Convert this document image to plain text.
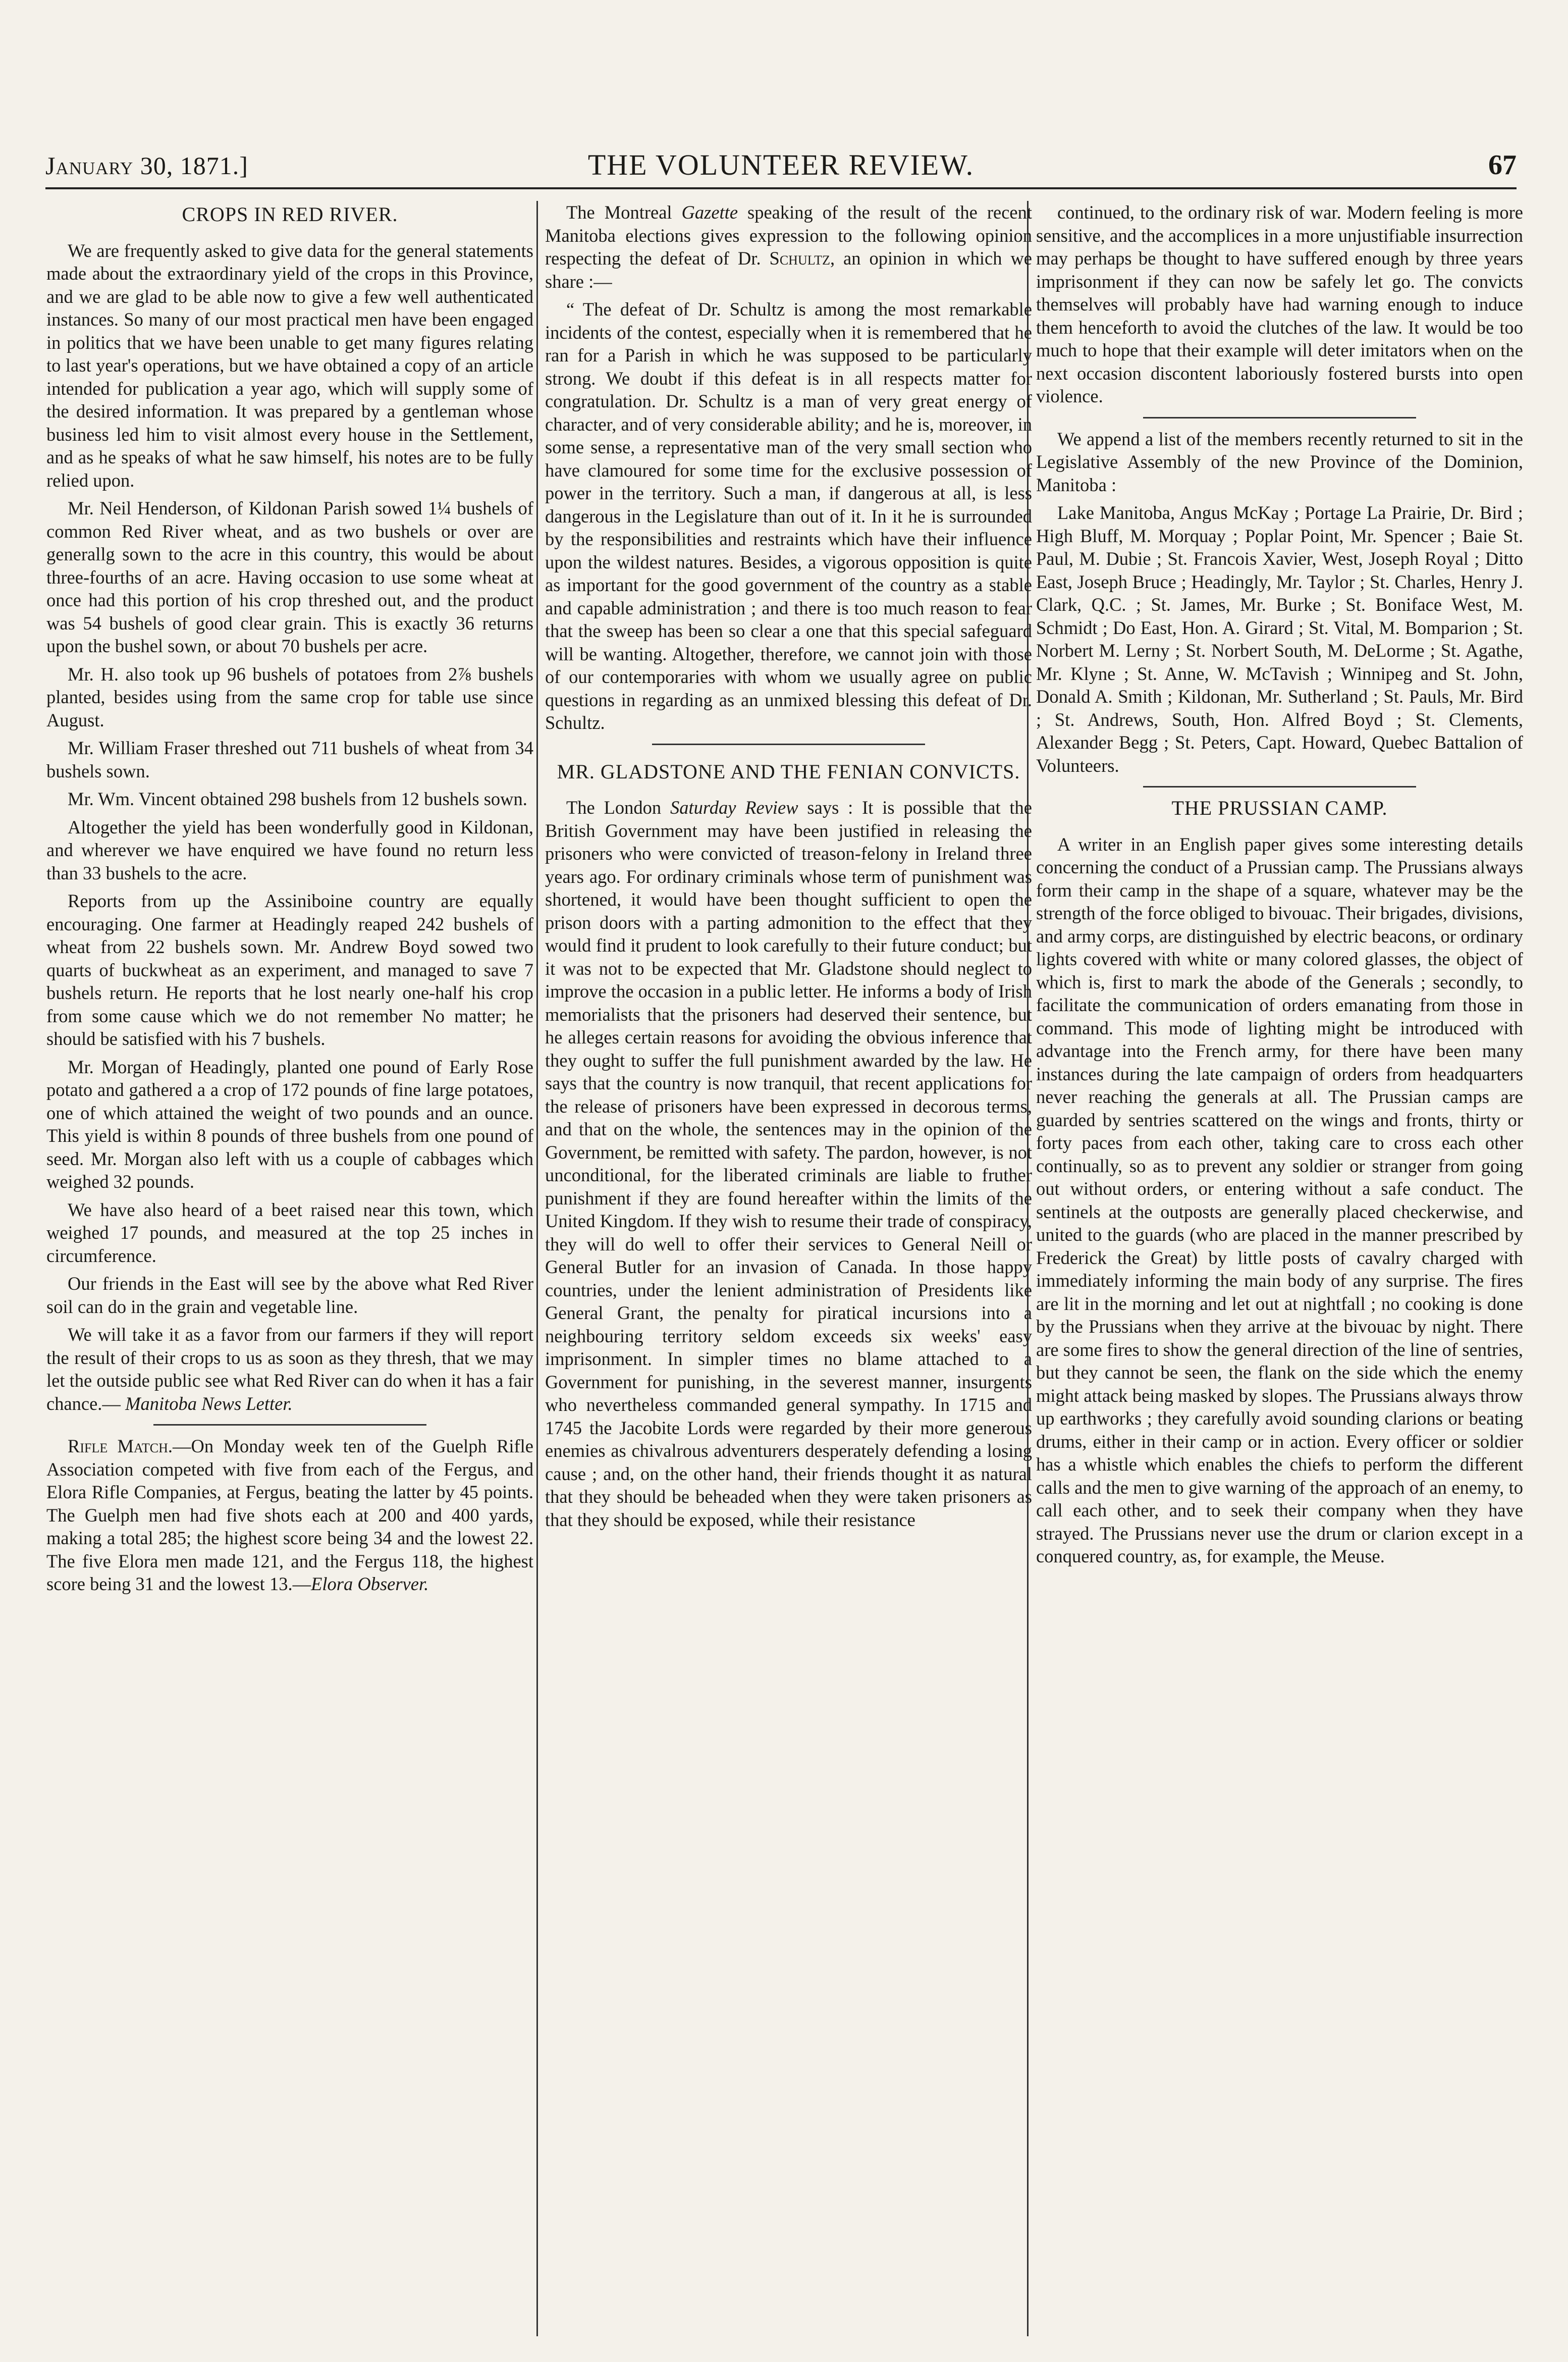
January 30, 1871.]	THE VOLUNTEER REVIEW.	67
CROPS IN RED RIVER.

We are frequently asked to give data for the general statements made about the extraordinary yield of the crops in this Province, and we are glad to be able now to give a few well authenticated instances. So many of our most practical men have been engaged in politics that we have been unable to get many figures relating to last year's operations, but we have obtained a copy of an article intended for publication a year ago, which will supply some of the desired information. It was prepared by a gentleman whose business led him to visit almost every house in the Settlement, and as he speaks of what he saw himself, his notes are to be fully relied upon.

Mr. Neil Henderson, of Kildonan Parish sowed 1¼ bushels of common Red River wheat, and as two bushels or over are generallg sown to the acre in this country, this would be about three-fourths of an acre. Having occasion to use some wheat at once had this portion of his crop threshed out, and the product was 54 bushels of good clear grain. This is exactly 36 returns upon the bushel sown, or about 70 bushels per acre.

Mr. H. also took up 96 bushels of potatoes from 2⅞ bushels planted, besides using from the same crop for table use since August.

Mr. William Fraser threshed out 711 bushels of wheat from 34 bushels sown.

Mr. Wm. Vincent obtained 298 bushels from 12 bushels sown.

Altogether the yield has been wonderfully good in Kildonan, and wherever we have enquired we have found no return less than 33 bushels to the acre.

Reports from up the Assiniboine country are equally encouraging. One farmer at Headingly reaped 242 bushels of wheat from 22 bushels sown. Mr. Andrew Boyd sowed two quarts of buckwheat as an experiment, and managed to save 7 bushels return. He reports that he lost nearly one-half his crop from some cause which we do not remember No matter; he should be satisfied with his 7 bushels.

Mr. Morgan of Headingly, planted one pound of Early Rose potato and gathered a a crop of 172 pounds of fine large potatoes, one of which attained the weight of two pounds and an ounce. This yield is within 8 pounds of three bushels from one pound of seed. Mr. Morgan also left with us a couple of cabbages which weighed 32 pounds.

We have also heard of a beet raised near this town, which weighed 17 pounds, and measured at the top 25 inches in circumference.

Our friends in the East will see by the above what Red River soil can do in the grain and vegetable line.

We will take it as a favor from our farmers if they will report the result of their crops to us as soon as they thresh, that we may let the outside public see what Red River can do when it has a fair chance.— Manitoba News Letter.

Rifle Match.—On Monday week ten of the Guelph Rifle Association competed with five from each of the Fergus, and Elora Rifle Companies, at Fergus, beating the latter by 45 points. The Guelph men had five shots each at 200 and 400 yards, making a total 285; the highest score being 34 and the lowest 22. The five Elora men made 121, and the Fergus 118, the highest score being 31 and the lowest 13.—Elora Observer.

The Montreal Gazette speaking of the result of the recent Manitoba elections gives expression to the following opinion respecting the defeat of Dr. Schultz, an opinion in which we share :—

“ The defeat of Dr. Schultz is among the most remarkable incidents of the contest, especially when it is remembered that he ran for a Parish in which he was supposed to be particularly strong. We doubt if this defeat is in all respects matter for congratulation. Dr. Schultz is a man of very great energy of character, and of very considerable ability; and he is, moreover, in some sense, a representative man of the very small section who have clamoured for some time for the exclusive possession of power in the territory. Such a man, if dangerous at all, is less dangerous in the Legislature than out of it. In it he is surrounded by the responsibilities and restraints which have their influence upon the wildest natures. Besides, a vigorous opposition is quite as important for the good government of the country as a stable and capable administration ; and there is too much reason to fear that the sweep has been so clear a one that this special safeguard will be wanting. Altogether, therefore, we cannot join with those of our contemporaries with whom we usually agree on public questions in regarding as an unmixed blessing this defeat of Dr. Schultz.

MR. GLADSTONE AND THE FENIAN CONVICTS.

The London Saturday Review says : It is possible that the British Government may have been justified in releasing the prisoners who were convicted of treason-felony in Ireland three years ago. For ordinary criminals whose term of punishment was shortened, it would have been thought sufficient to open the prison doors with a parting admonition to the effect that they would find it prudent to look carefully to their future conduct; but it was not to be expected that Mr. Gladstone should neglect to improve the occasion in a public letter. He informs a body of Irish memorialists that the prisoners had deserved their sentence, but he alleges certain reasons for avoiding the obvious inference that they ought to suffer the full punishment awarded by the law. He says that the country is now tranquil, that recent applications for the release of prisoners have been expressed in decorous terms, and that on the whole, the sentences may in the opinion of the Government, be remitted with safety. The pardon, however, is not unconditional, for the liberated criminals are liable to fruther punishment if they are found hereafter within the limits of the United Kingdom. If they wish to resume their trade of conspiracy, they will do well to offer their services to General Neill or General Butler for an invasion of Canada. In those happy countries, under the lenient administration of Presidents like General Grant, the penalty for piratical incursions into a neighbouring territory seldom exceeds six weeks' easy imprisonment. In simpler times no blame attached to a Government for punishing, in the severest manner, insurgents who nevertheless commanded general sympathy. In 1715 and 1745 the Jacobite Lords were regarded by their more generous enemies as chivalrous adventurers desperately defending a losing cause ; and, on the other hand, their friends thought it as natural that they should be beheaded when they were taken prisoners as that they should be exposed, while their resistance

continued, to the ordinary risk of war. Modern feeling is more sensitive, and the accomplices in a more unjustifiable insurrection may perhaps be thought to have suffered enough by three years imprisonment if they can now be safely let go. The convicts themselves will probably have had warning enough to induce them henceforth to avoid the clutches of the law. It would be too much to hope that their example will deter imitators when on the next occasion discontent laboriously fostered bursts into open violence.

We append a list of the members recently returned to sit in the Legislative Assembly of the new Province of the Dominion, Manitoba :

Lake Manitoba, Angus McKay ; Portage La Prairie, Dr. Bird ; High Bluff, M. Morquay ; Poplar Point, Mr. Spencer ; Baie St. Paul, M. Dubie ; St. Francois Xavier, West, Joseph Royal ; Ditto East, Joseph Bruce ; Headingly, Mr. Taylor ; St. Charles, Henry J. Clark, Q.C. ; St. James, Mr. Burke ; St. Boniface West, M. Schmidt ; Do East, Hon. A. Girard ; St. Vital, M. Bomparion ; St. Norbert M. Lerny ; St. Norbert South, M. DeLorme ; St. Agathe, Mr. Klyne ; St. Anne, W. McTavish ; Winnipeg and St. John, Donald A. Smith ; Kildonan, Mr. Sutherland ; St. Pauls, Mr. Bird ; St. Andrews, South, Hon. Alfred Boyd ; St. Clements, Alexander Begg ; St. Peters, Capt. Howard, Quebec Battalion of Volunteers.

THE PRUSSIAN CAMP.

A writer in an English paper gives some interesting details concerning the conduct of a Prussian camp. The Prussians always form their camp in the shape of a square, whatever may be the strength of the force obliged to bivouac. Their brigades, divisions, and army corps, are distinguished by electric beacons, or ordinary lights covered with white or many colored glasses, the object of which is, first to mark the abode of the Generals ; secondly, to facilitate the communication of orders emanating from those in command. This mode of lighting might be introduced with advantage into the French army, for there have been many instances during the late campaign of orders from headquarters never reaching the generals at all. The Prussian camps are guarded by sentries scattered on the wings and fronts, thirty or forty paces from each other, taking care to cross each other continually, so as to prevent any soldier or stranger from going out without orders, or entering without a safe conduct. The sentinels at the outposts are generally placed checkerwise, and united to the guards (who are placed in the manner prescribed by Frederick the Great) by little posts of cavalry charged with immediately informing the main body of any surprise. The fires are lit in the morning and let out at nightfall ; no cooking is done by the Prussians when they arrive at the bivouac by night. There are some fires to show the general direction of the line of sentries, but they cannot be seen, the flank on the side which the enemy might attack being masked by slopes. The Prussians always throw up earthworks ; they carefully avoid sounding clarions or beating drums, either in their camp or in action. Every officer or soldier has a whistle which enables the chiefs to perform the different calls and the men to give warning of the approach of an enemy, to call each other, and to seek their company when they have strayed. The Prussians never use the drum or clarion except in a conquered country, as, for example, the Meuse.
